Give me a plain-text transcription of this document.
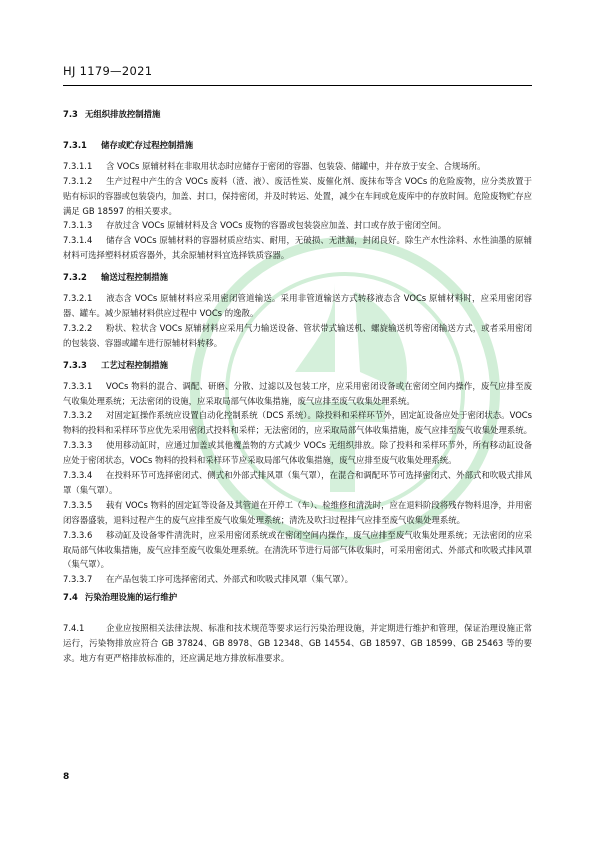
HJ 1179—2021
7.3 无组织排放控制措施
7.3.1 储存或贮存过程控制措施
7.3.1.1 含 VOCs 原辅材料在非取用状态时应储存于密闭的容器、包装袋、储罐中，并存放于安全、合规场所。
7.3.1.2 生产过程中产生的含 VOCs 废料（渣、液）、废活性炭、废催化剂、废抹布等含 VOCs 的危险废物，应分类放置于贴有标识的容器或包装袋内，加盖、封口，保持密闭，并及时转运、处置，减少在车间或危废库中的存放时间。危险废物贮存应满足 GB 18597 的相关要求。
7.3.1.3 存放过含 VOCs 原辅材料及含 VOCs 废物的容器或包装袋应加盖、封口或存放于密闭空间。
7.3.1.4 储存含 VOCs 原辅材料的容器材质应结实、耐用，无破损、无泄漏，封闭良好。除生产水性涂料、水性油墨的原辅材料可选择塑料材质容器外，其余原辅材料宜选择铁质容器。
7.3.2 输送过程控制措施
7.3.2.1 液态含 VOCs 原辅材料应采用密闭管道输送。采用非管道输送方式转移液态含 VOCs 原辅材料时，应采用密闭容器、罐车。减少原辅材料供应过程中 VOCs 的逸散。
7.3.2.2 粉状、粒状含 VOCs 原辅材料应采用气力输送设备、管状带式输送机、螺旋输送机等密闭输送方式，或者采用密闭的包装袋、容器或罐车进行原辅材料转移。
7.3.3 工艺过程控制措施
7.3.3.1 VOCs 物料的混合、调配、研磨、分散、过滤以及包装工序，应采用密闭设备或在密闭空间内操作，废气应排至废气收集处理系统；无法密闭的设施，应采取局部气体收集措施，废气应排至废气收集处理系统。
7.3.3.2 对固定缸操作系统应设置自动化控制系统（DCS 系统）。除投料和采样环节外，固定缸设备应处于密闭状态。VOCs 物料的投料和采样环节应优先采用密闭式投料和采样；无法密闭的，应采取局部气体收集措施，废气应排至废气收集处理系统。
7.3.3.3 使用移动缸时，应通过加盖或其他覆盖物的方式减少 VOCs 无组织排放。除了投料和采样环节外，所有移动缸设备应处于密闭状态，VOCs 物料的投料和采样环节应采取局部气体收集措施，废气应排至废气收集处理系统。
7.3.3.4 在投料环节可选择密闭式、侧式和外部式排风罩（集气罩），在混合和调配环节可选择密闭式、外部式和吹吸式排风罩（集气罩）。
7.3.3.5 载有 VOCs 物料的固定缸等设备及其管道在开停工（车）、检维修和清洗时，应在退料阶段将残存物料退净，并用密闭容器盛装，退料过程产生的废气应排至废气收集处理系统；清洗及吹扫过程排气应排至废气收集处理系统。
7.3.3.6 移动缸及设备零件清洗时，应采用密闭系统或在密闭空间内操作，废气应排至废气收集处理系统；无法密闭的应采取局部气体收集措施，废气应排至废气收集处理系统。在清洗环节进行局部气体收集时，可采用密闭式、外部式和吹吸式排风罩（集气罩）。
7.3.3.7 在产品包装工序可选择密闭式、外部式和吹吸式排风罩（集气罩）。
7.4 污染治理设施的运行维护
7.4.1	企业应按照相关法律法规、标准和技术规范等要求运行污染治理设施，并定期进行维护和管理，保证治理设施正常运行，污染物排放应符合 GB 37824、GB 8978、GB 12348、GB 14554、GB 18597、GB 18599、GB 25463 等的要求。地方有更严格排放标准的，还应满足地方排放标准要求。
8
